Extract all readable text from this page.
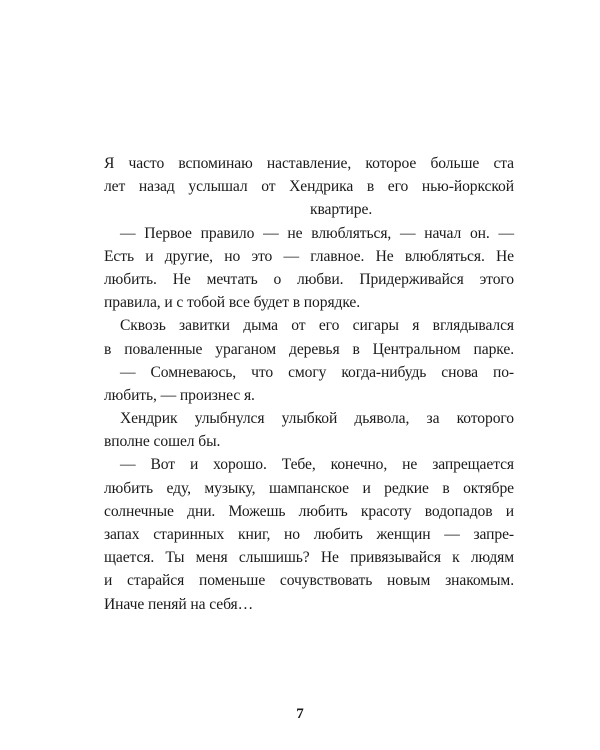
Я часто вспоминаю наставление, которое больше ста
лет назад услышал от Хендрика в его нью-йоркской
квартире.
— Первое правило — не влюбляться, — начал он. —
Есть и другие, но это — главное. Не влюбляться. Не
любить. Не мечтать о любви. Придерживайся этого
правила, и с тобой все будет в порядке.
Сквозь завитки дыма от его сигары я вглядывался
в поваленные ураганом деревья в Центральном парке.
— Сомневаюсь, что смогу когда-нибудь снова по-
любить, — произнес я.
Хендрик улыбнулся улыбкой дьявола, за которого
вполне сошел бы.
— Вот и хорошо. Тебе, конечно, не запрещается
любить еду, музыку, шампанское и редкие в октябре
солнечные дни. Можешь любить красоту водопадов и
запах старинных книг, но любить женщин — запре-
щается. Ты меня слышишь? Не привязывайся к людям
и старайся поменьше сочувствовать новым знакомым.
Иначе пеняй на себя…
7
